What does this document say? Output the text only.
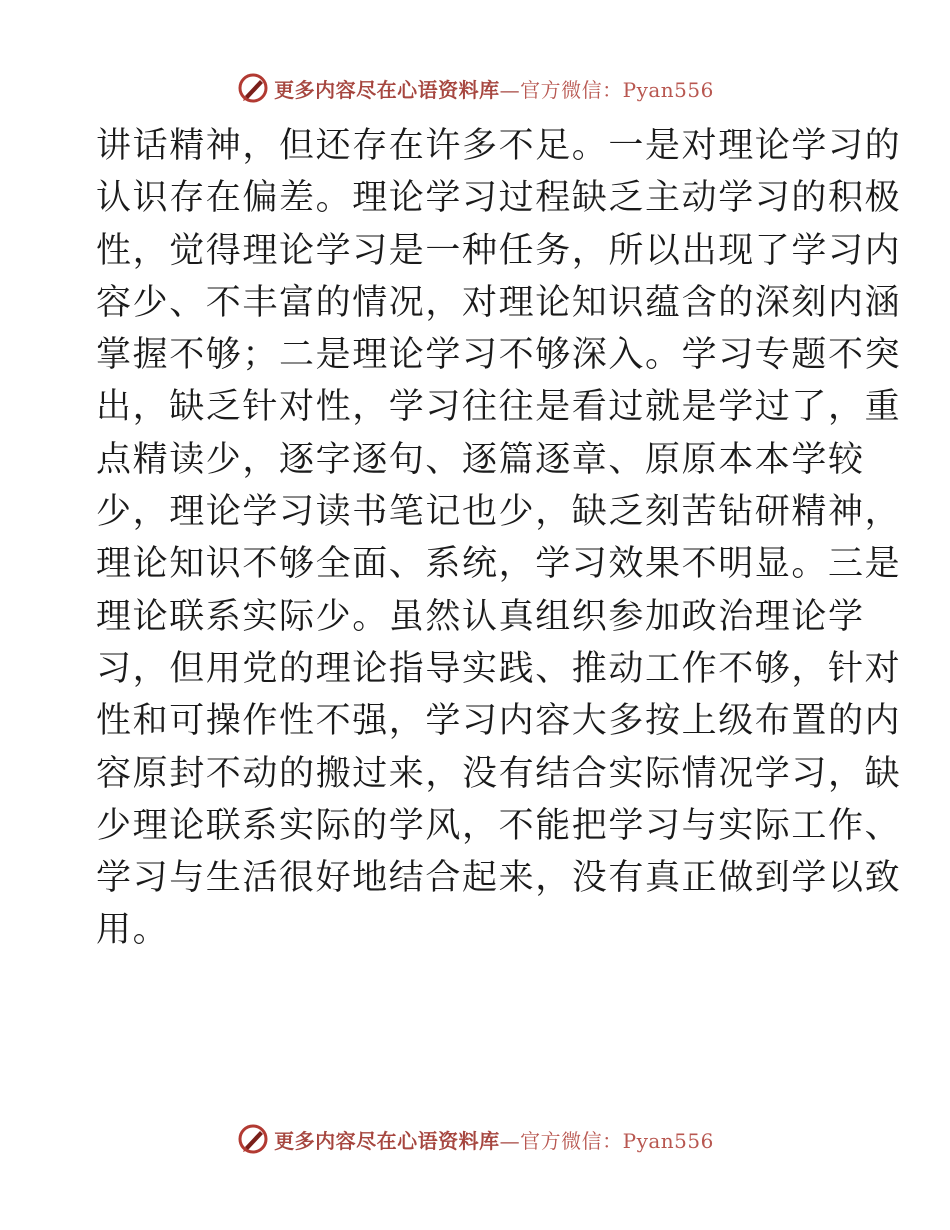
更多内容尽在心语资料库—官方微信：Pyan556
讲话精神，但还存在许多不足。一是对理论学习的
认识存在偏差。理论学习过程缺乏主动学习的积极
性，觉得理论学习是一种任务，所以出现了学习内
容少、不丰富的情况，对理论知识蕴含的深刻内涵
掌握不够；二是理论学习不够深入。学习专题不突
出，缺乏针对性，学习往往是看过就是学过了，重
点精读少，逐字逐句、逐篇逐章、原原本本学较
少，理论学习读书笔记也少，缺乏刻苦钻研精神，
理论知识不够全面、系统，学习效果不明显。三是
理论联系实际少。虽然认真组织参加政治理论学
习，但用党的理论指导实践、推动工作不够，针对
性和可操作性不强，学习内容大多按上级布置的内
容原封不动的搬过来，没有结合实际情况学习，缺
少理论联系实际的学风，不能把学习与实际工作、
学习与生活很好地结合起来，没有真正做到学以致
用。
更多内容尽在心语资料库—官方微信：Pyan556
